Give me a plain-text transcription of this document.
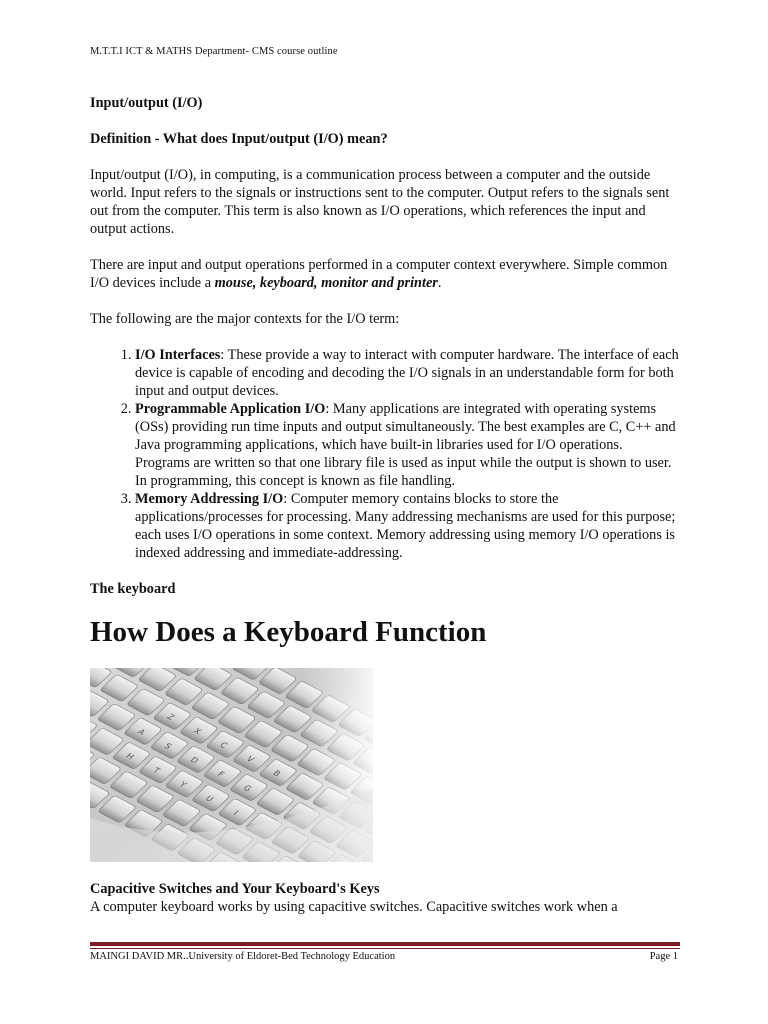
M.T.T.I ICT & MATHS Department- CMS course outline

Input/output (I/O)

Definition - What does Input/output (I/O) mean?

Input/output (I/O), in computing, is a communication process between a computer and the outside world. Input refers to the signals or instructions sent to the computer. Output refers to the signals sent out from the computer. This term is also known as I/O operations, which references the input and output actions.

There are input and output operations performed in a computer context everywhere. Simple common I/O devices include a mouse, keyboard, monitor and printer.

The following are the major contexts for the I/O term:

1. I/O Interfaces: These provide a way to interact with computer hardware. The interface of each device is capable of encoding and decoding the I/O signals in an understandable form for both input and output devices.
2. Programmable Application I/O: Many applications are integrated with operating systems (OSs) providing run time inputs and output simultaneously. The best examples are C, C++ and Java programming applications, which have built-in libraries used for I/O operations. Programs are written so that one library file is used as input while the output is shown to user. In programming, this concept is known as file handling.
3. Memory Addressing I/O: Computer memory contains blocks to store the applications/processes for processing. Many addressing mechanisms are used for this purpose; each uses I/O operations in some context. Memory addressing using memory I/O operations is indexed addressing and immediate-addressing.

The keyboard

How Does a Keyboard Function

Capacitive Switches and Your Keyboard's Keys

A computer keyboard works by using capacitive switches. Capacitive switches work when a

MAINGI DAVID MR..University of Eldoret-Bed Technology Education	Page 1
